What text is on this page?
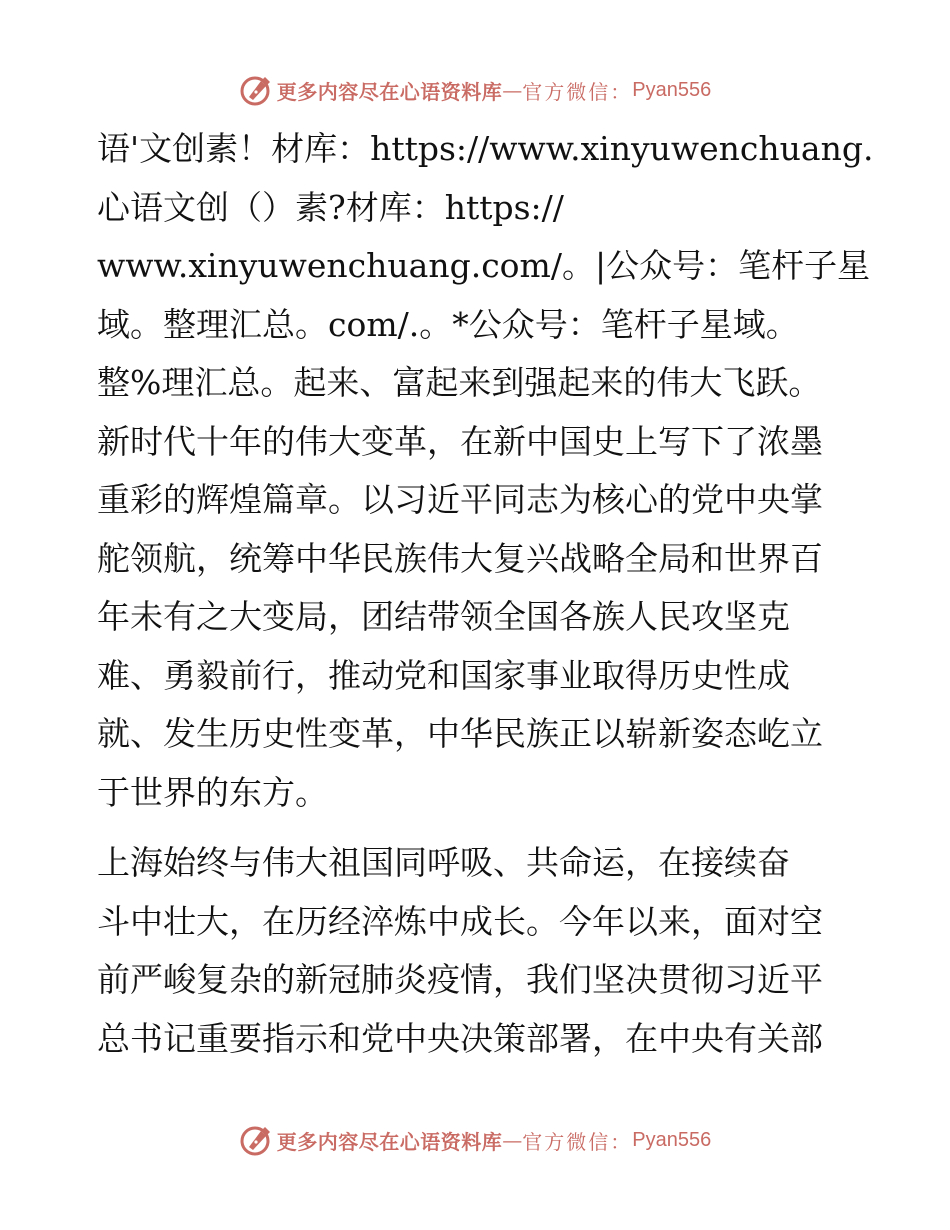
更多内容尽在心语资料库 — 官方微信： Pyan556
语'文创素！材库：https://www.xinyuwenchuang.
心语文创（）素?材库：https://
www.xinyuwenchuang.com/。|公众号：笔杆子星
域。整理汇总。com/.。*公众号：笔杆子星域。
整%理汇总。起来、富起来到强起来的伟大飞跃。
新时代十年的伟大变革，在新中国史上写下了浓墨
重彩的辉煌篇章。以习近平同志为核心的党中央掌
舵领航，统筹中华民族伟大复兴战略全局和世界百
年未有之大变局，团结带领全国各族人民攻坚克
难、勇毅前行，推动党和国家事业取得历史性成
就、发生历史性变革，中华民族正以崭新姿态屹立
于世界的东方。
上海始终与伟大祖国同呼吸、共命运，在接续奋
斗中壮大，在历经淬炼中成长。今年以来，面对空
前严峻复杂的新冠肺炎疫情，我们坚决贯彻习近平
总书记重要指示和党中央决策部署，在中央有关部
更多内容尽在心语资料库 — 官方微信： Pyan556
